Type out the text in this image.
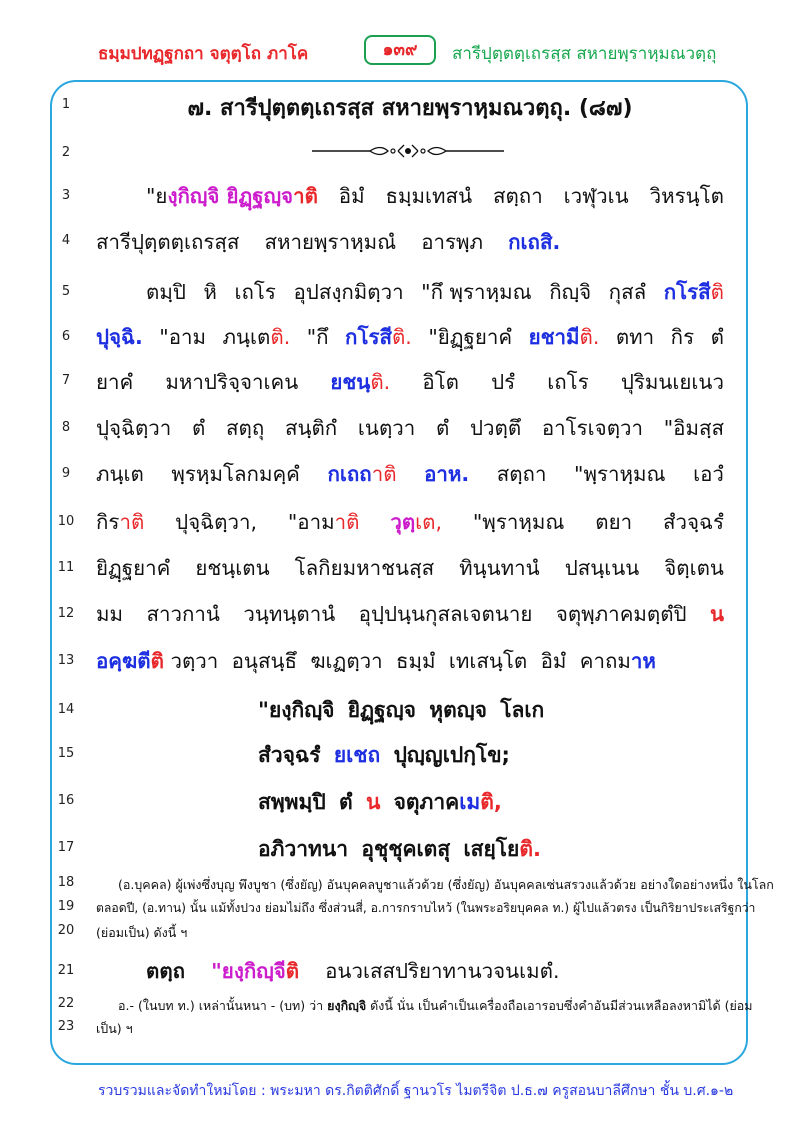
ธมฺมปทฏฺฐกถา จตุตฺโถ ภาโค	๑๓๙	สารีปุตฺตตฺเถรสฺส สหายพฺราหฺมณวตฺถุ
1
2
3
4
5
6
7
8
9
10
11
12
13
14
15
16
17
18
19
20
21
22
23
๗. สารีปุตฺตตฺเถรสฺส สหายพฺราหฺมณวตฺถุ. (๘๗)
"ยงฺกิญฺจิ ยิฏฺฐญฺจาติ อิมํ ธมฺมเทสนํ สตฺถา เวฬุวเน วิหรนฺโต
สารีปุตฺตตฺเถรสฺส สหายพฺราหฺมณํ อารพฺภ กเถสิ.
ตมฺปิ หิ เถโร อุปสงฺกมิตฺวา "กึ พฺราหฺมณ กิญฺจิ กุสลํ กโรสีติ
ปุจฺฉิ. "อาม ภนฺเตติ. "กึ กโรสีติ. "ยิฏฺฐยาคํ ยชามีติ. ตทา กิร ตํ
ยาคํ มหาปริจฺจาเคน ยชนฺติ. อิโต ปรํ เถโร ปุริมนเยเนว
ปุจฺฉิตฺวา ตํ สตฺถุ สนฺติกํ เนตฺวา ตํ ปวตฺตึ อาโรเจตฺวา "อิมสฺส
ภนฺเต พฺรหฺมโลกมคฺคํ กเถถาติ อาห. สตฺถา "พฺราหฺมณ เอวํ
กิราติ ปุจฺฉิตฺวา, "อามาติ วุตฺเต, "พฺราหฺมณ ตยา สํวจฺฉรํ
ยิฏฺฐยาคํ ยชนฺเตน โลกิยมหาชนสฺส ทินฺนทานํ ปสนฺเนน จิตฺเตน
มม สาวกานํ วนฺทนฺตานํ อุปฺปนฺนกุสลเจตนาย จตุพฺภาคมตฺตํปิ น
อคฺฆตีติ วตฺวา อนุสนฺธึ ฆเฏตฺวา ธมฺมํ เทเสนฺโต อิมํ คาถมาห
"ยงฺกิญฺจิ ยิฏฺฐญฺจ หุตญฺจ โลเก
สํวจฺฉรํ ยเชถ ปุญฺญเปกฺโข;
สพฺพมฺปิ ตํ น จตุภาคเมติ,
อภิวาทนา อุชุชุคเตสุ เสยฺโยติ.
(อ.บุคคล) ผู้เพ่งซึ่งบุญ พึงบูชา (ซึ่งยัญ) อันบุคคลบูชาแล้วด้วย (ซึ่งยัญ) อันบุคคลเซ่นสรวงแล้วด้วย อย่างใดอย่างหนึ่ง ในโลก
ตลอดปี, (อ.ทาน) นั้น แม้ทั้งปวง ย่อมไม่ถึง ซึ่งส่วนสี่, อ.การกราบไหว้ (ในพระอริยบุคคล ท.) ผู้ไปแล้วตรง เป็นกิริยาประเสริฐกว่า
(ย่อมเป็น) ดังนี้ ฯ
ตตฺถ "ยงฺกิญฺจีติ อนวเสสปริยาทานวจนเมตํ.
อ.- (ในบท ท.) เหล่านั้นหนา - (บท) ว่า ยงฺกิญฺจิ ดังนี้ นั่น เป็นคำเป็นเครื่องถือเอารอบซึ่งคำอันมีส่วนเหลือลงหามิได้ (ย่อม
เป็น) ฯ
รวบรวมและจัดทำใหม่โดย : พระมหา ดร.กิตติศักดิ์ ฐานวโร ไมตรีจิต ป.ธ.๗ ครูสอนบาลีศึกษา ชั้น บ.ศ.๑-๒
